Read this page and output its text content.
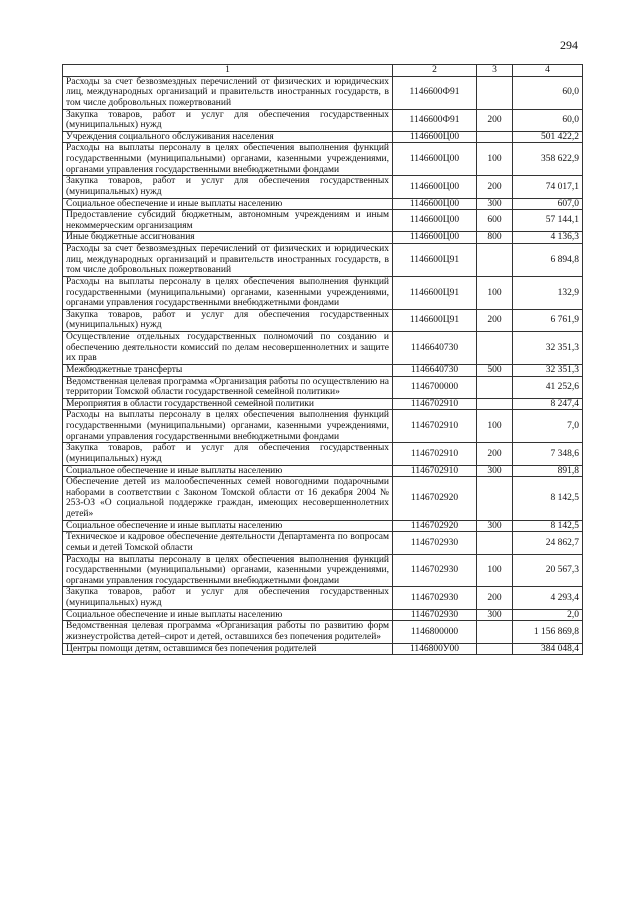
294
1	2	3	4
Расходы за счет безвозмездных перечислений от физических и юридических лиц, международных организаций и правительств иностранных государств, в том числе добровольных пожертвований	1146600Ф91		60,0
Закупка товаров, работ и услуг для обеспечения государственных (муниципальных) нужд	1146600Ф91	200	60,0
Учреждения социального обслуживания населения	1146600Ц00		501 422,2
Расходы на выплаты персоналу в целях обеспечения выполнения функций государственными (муниципальными) органами, казенными учреждениями, органами управления государственными внебюджетными фондами	1146600Ц00	100	358 622,9
Закупка товаров, работ и услуг для обеспечения государственных (муниципальных) нужд	1146600Ц00	200	74 017,1
Социальное обеспечение и иные выплаты населению	1146600Ц00	300	607,0
Предоставление субсидий бюджетным, автономным учреждениям и иным некоммерческим организациям	1146600Ц00	600	57 144,1
Иные бюджетные ассигнования	1146600Ц00	800	4 136,3
Расходы за счет безвозмездных перечислений от физических и юридических лиц, международных организаций и правительств иностранных государств, в том числе добровольных пожертвований	1146600Ц91		6 894,8
Расходы на выплаты персоналу в целях обеспечения выполнения функций государственными (муниципальными) органами, казенными учреждениями, органами управления государственными внебюджетными фондами	1146600Ц91	100	132,9
Закупка товаров, работ и услуг для обеспечения государственных (муниципальных) нужд	1146600Ц91	200	6 761,9
Осуществление отдельных государственных полномочий по созданию и обеспечению деятельности комиссий по делам несовершеннолетних и защите их прав	1146640730		32 351,3
Межбюджетные трансферты	1146640730	500	32 351,3
Ведомственная целевая программа «Организация работы по осуществлению на территории Томской области государственной семейной политики»	1146700000		41 252,6
Мероприятия в области государственной семейной политики	1146702910		8 247,4
Расходы на выплаты персоналу в целях обеспечения выполнения функций государственными (муниципальными) органами, казенными учреждениями, органами управления государственными внебюджетными фондами	1146702910	100	7,0
Закупка товаров, работ и услуг для обеспечения государственных (муниципальных) нужд	1146702910	200	7 348,6
Социальное обеспечение и иные выплаты населению	1146702910	300	891,8
Обеспечение детей из малообеспеченных семей новогодними подарочными наборами в соответствии с Законом Томской области от 16 декабря 2004 № 253-ОЗ «О социальной поддержке граждан, имеющих несовершеннолетних детей»	1146702920		8 142,5
Социальное обеспечение и иные выплаты населению	1146702920	300	8 142,5
Техническое и кадровое обеспечение деятельности Департамента по вопросам семьи и детей Томской области	1146702930		24 862,7
Расходы на выплаты персоналу в целях обеспечения выполнения функций государственными (муниципальными) органами, казенными учреждениями, органами управления государственными внебюджетными фондами	1146702930	100	20 567,3
Закупка товаров, работ и услуг для обеспечения государственных (муниципальных) нужд	1146702930	200	4 293,4
Социальное обеспечение и иные выплаты населению	1146702930	300	2,0
Ведомственная целевая программа «Организация работы по развитию форм жизнеустройства детей–сирот и детей, оставшихся без попечения родителей»	1146800000		1 156 869,8
Центры помощи детям, оставшимся без попечения родителей	1146800У00		384 048,4
